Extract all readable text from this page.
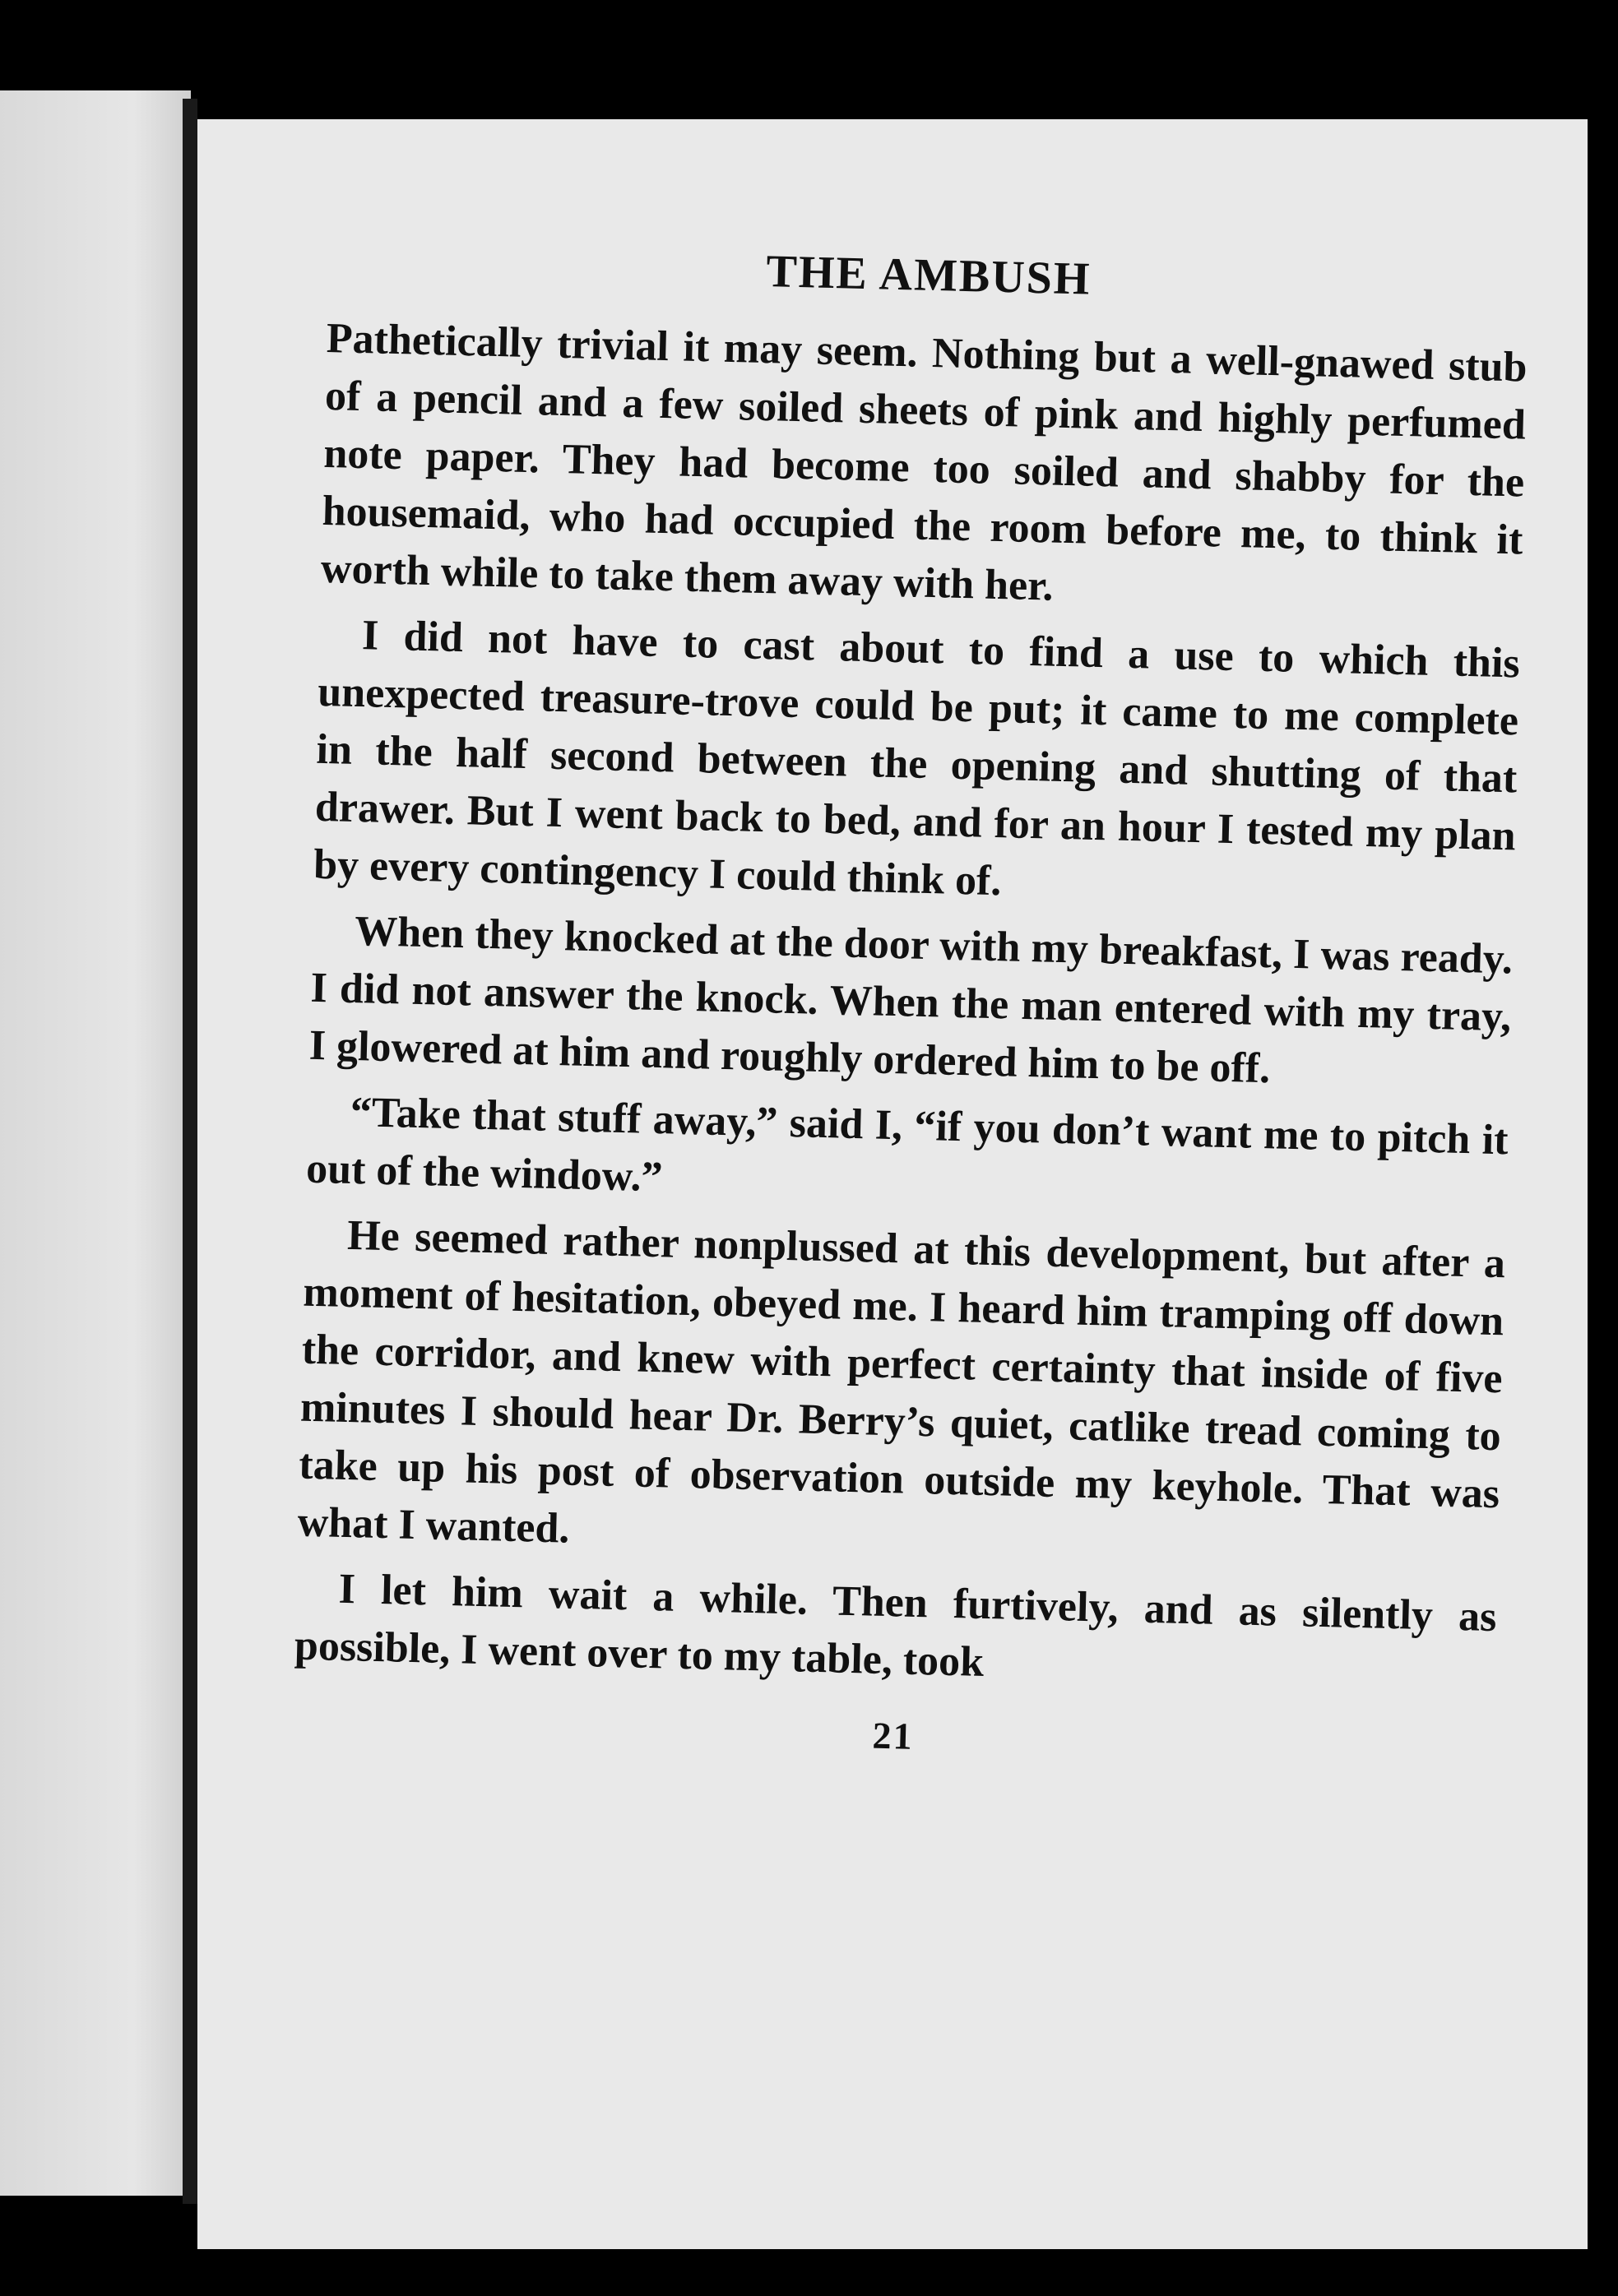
THE AMBUSH

Pathetically trivial it may seem. Nothing but a well-gnawed stub of a pencil and a few soiled sheets of pink and highly perfumed note paper. They had become too soiled and shabby for the housemaid, who had occupied the room before me, to think it worth while to take them away with her.

I did not have to cast about to find a use to which this unexpected treasure-trove could be put; it came to me complete in the half second between the opening and shutting of that drawer. But I went back to bed, and for an hour I tested my plan by every contingency I could think of.

When they knocked at the door with my breakfast, I was ready. I did not answer the knock. When the man entered with my tray, I glowered at him and roughly ordered him to be off.

“Take that stuff away,” said I, “if you don’t want me to pitch it out of the window.”

He seemed rather nonplussed at this development, but after a moment of hesitation, obeyed me. I heard him tramping off down the corridor, and knew with perfect certainty that inside of five minutes I should hear Dr. Berry’s quiet, catlike tread coming to take up his post of observation outside my keyhole. That was what I wanted.

I let him wait a while. Then furtively, and as silently as possible, I went over to my table, took

21
